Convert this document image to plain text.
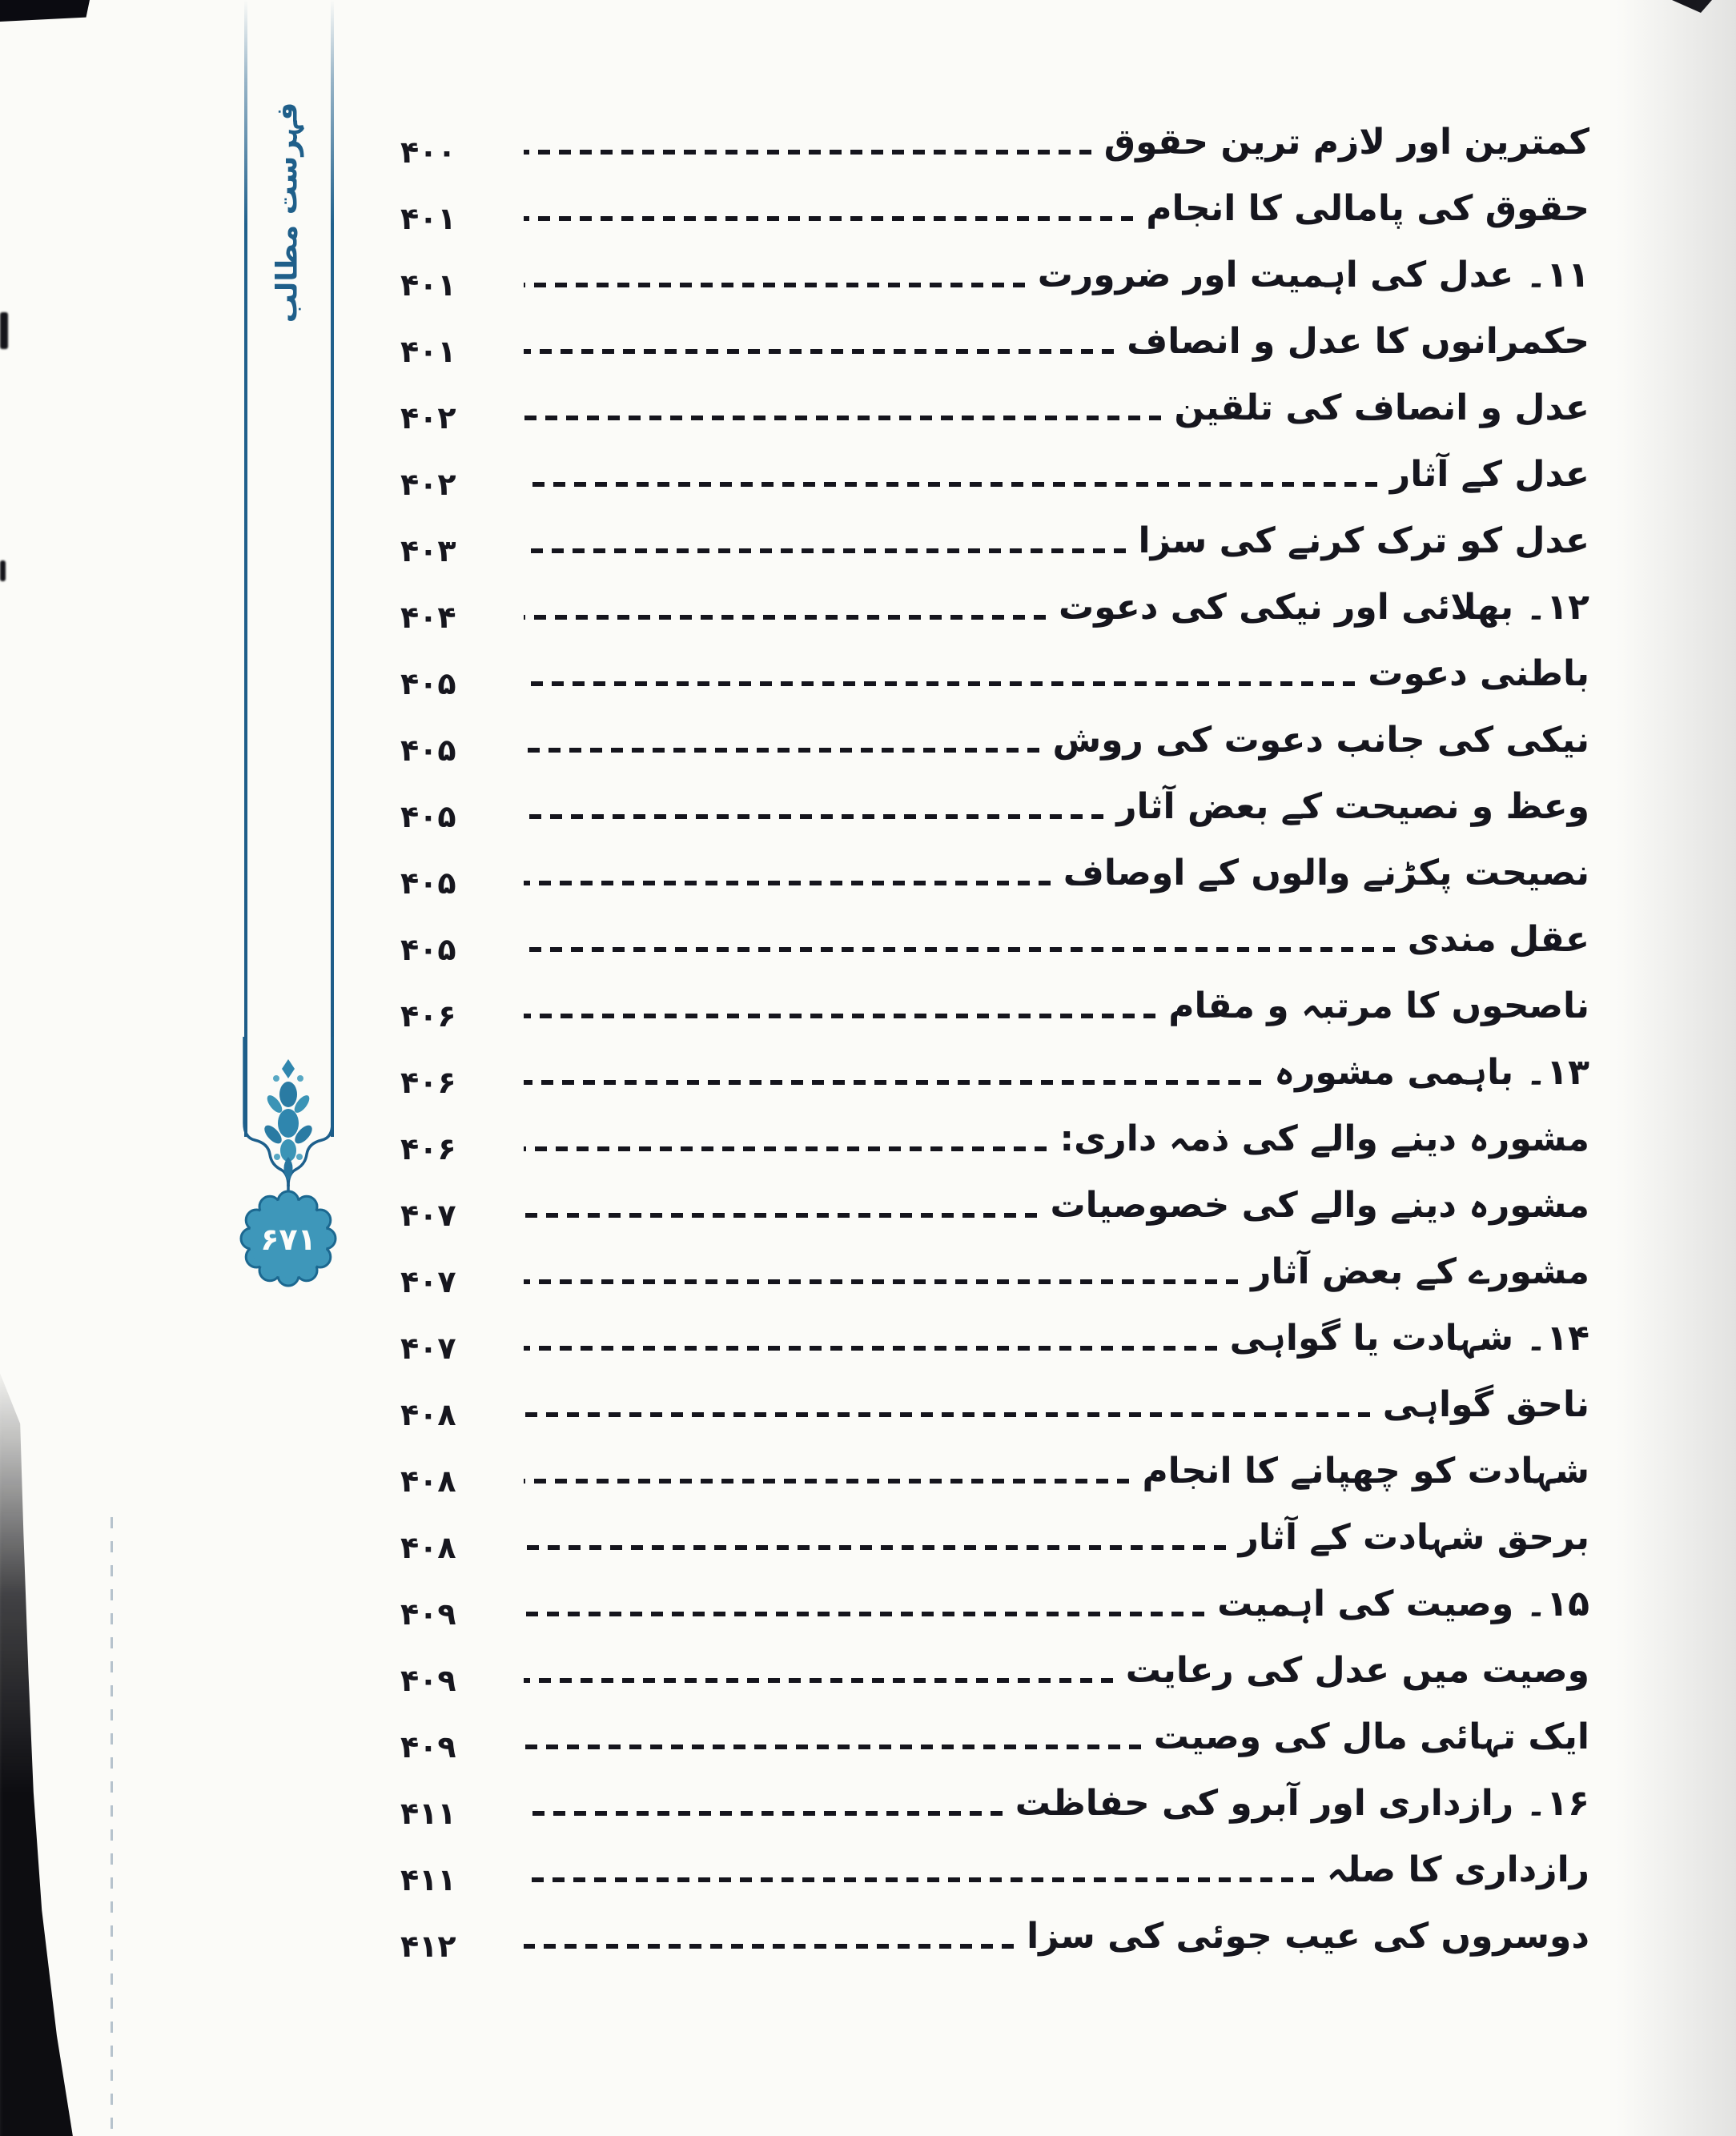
فہرست مطالب
۶۷۱
کمترین اور لازم ترین حقوق
۴۰۰
حقوق کی پامالی کا انجام
۴۰۱
۱۱۔ عدل کی اہمیت اور ضرورت
۴۰۱
حکمرانوں کا عدل و انصاف
۴۰۱
عدل و انصاف کی تلقین
۴۰۲
عدل کے آثار
۴۰۲
عدل کو ترک کرنے کی سزا
۴۰۳
۱۲۔ بھلائی اور نیکی کی دعوت
۴۰۴
باطنی دعوت
۴۰۵
نیکی کی جانب دعوت کی روش
۴۰۵
وعظ و نصیحت کے بعض آثار
۴۰۵
نصیحت پکڑنے والوں کے اوصاف
۴۰۵
عقل مندی
۴۰۵
ناصحوں کا مرتبہ و مقام
۴۰۶
۱۳۔ باہمی مشورہ
۴۰۶
مشورہ دینے والے کی ذمہ داری:
۴۰۶
مشورہ دینے والے کی خصوصیات
۴۰۷
مشورے کے بعض آثار
۴۰۷
۱۴۔ شہادت یا گواہی
۴۰۷
ناحق گواہی
۴۰۸
شہادت کو چھپانے کا انجام
۴۰۸
برحق شہادت کے آثار
۴۰۸
۱۵۔ وصیت کی اہمیت
۴۰۹
وصیت میں عدل کی رعایت
۴۰۹
ایک تہائی مال کی وصیت
۴۰۹
۱۶۔ رازداری اور آبرو کی حفاظت
۴۱۱
رازداری کا صلہ
۴۱۱
دوسروں کی عیب جوئی کی سزا
۴۱۲
